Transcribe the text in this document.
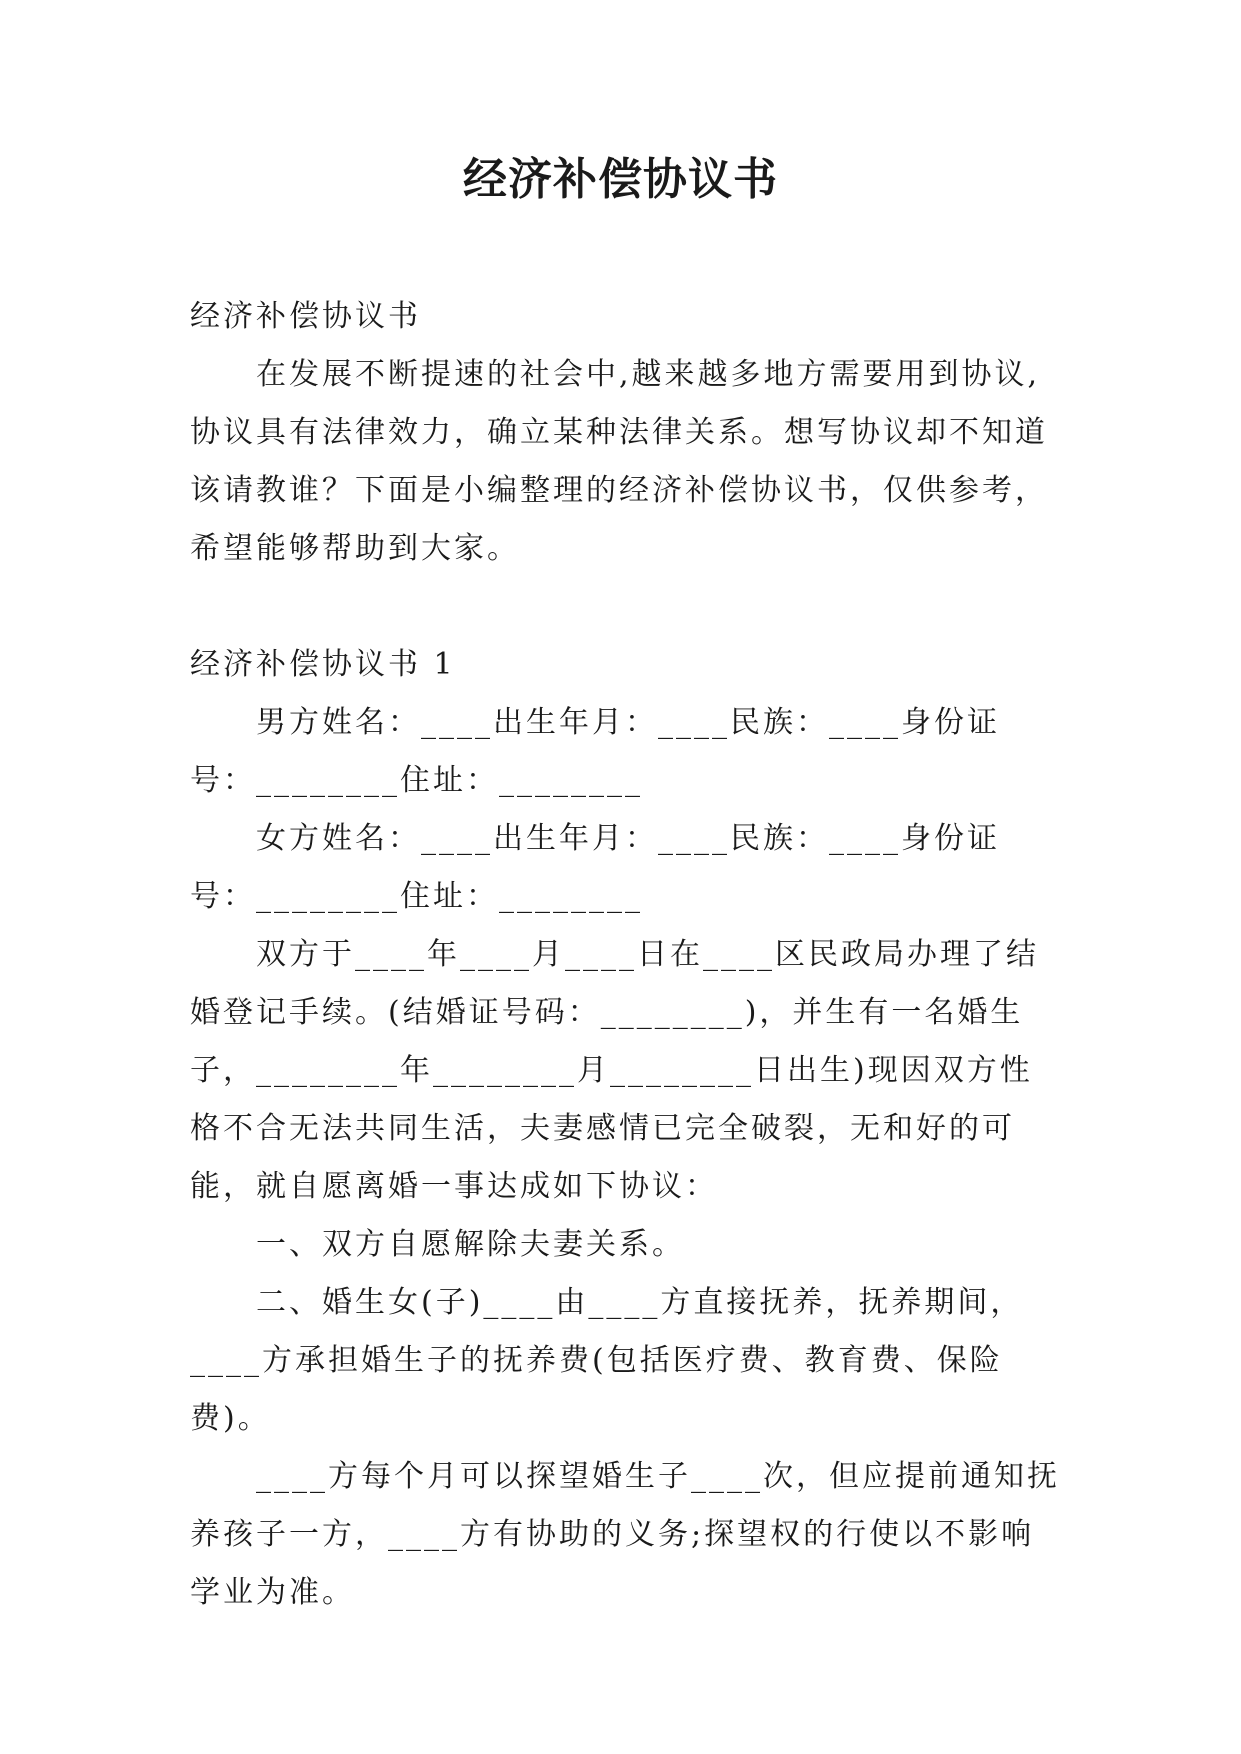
经济补偿协议书

经济补偿协议书

在发展不断提速的社会中,越来越多地方需要用到协议,协议具有法律效力，确立某种法律关系。想写协议却不知道该请教谁？下面是小编整理的经济补偿协议书，仅供参考，希望能够帮助到大家。

经济补偿协议书 1

男方姓名：____出生年月：____民族：____身份证号：________住址：________

女方姓名：____出生年月：____民族：____身份证号：________住址：________

双方于____年____月____日在____区民政局办理了结婚登记手续。(结婚证号码：________)，并生有一名婚生子，________年________月________日出生)现因双方性格不合无法共同生活，夫妻感情已完全破裂，无和好的可能，就自愿离婚一事达成如下协议：

一、双方自愿解除夫妻关系。

二、婚生女(子)____由____方直接抚养，抚养期间，____方承担婚生子的抚养费(包括医疗费、教育费、保险费)。

____方每个月可以探望婚生子____次，但应提前通知抚养孩子一方，____方有协助的义务;探望权的行使以不影响学业为准。
